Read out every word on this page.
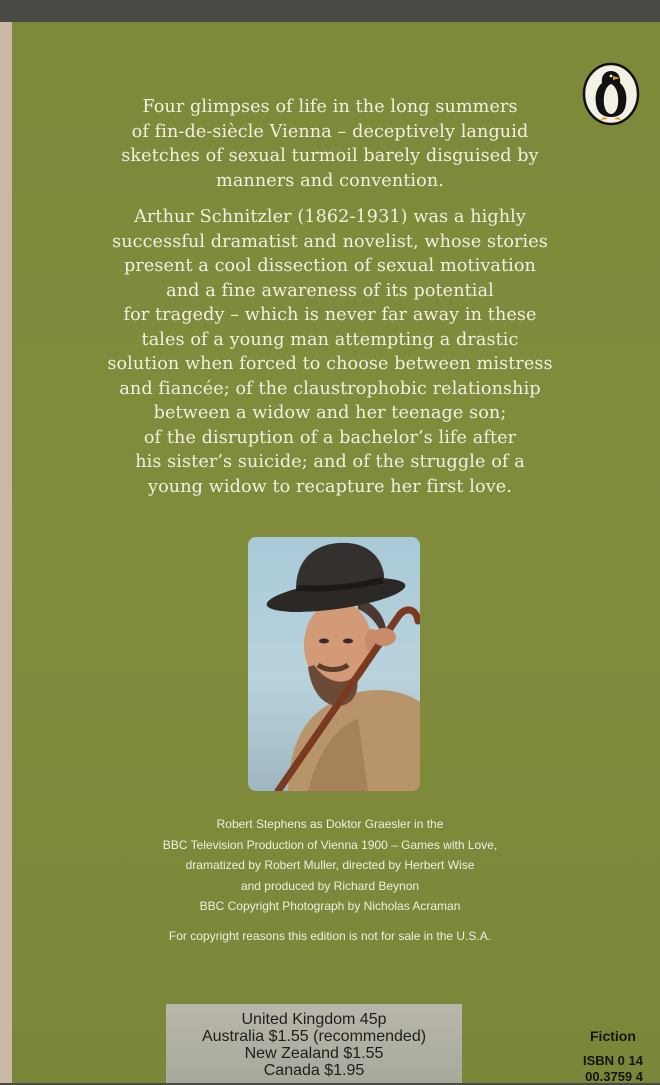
Four glimpses of life in the long summers
of fin-de-siècle Vienna – deceptively languid
sketches of sexual turmoil barely disguised by
manners and convention.
Arthur Schnitzler (1862-1931) was a highly
successful dramatist and novelist, whose stories
present a cool dissection of sexual motivation
and a fine awareness of its potential
for tragedy – which is never far away in these
tales of a young man attempting a drastic
solution when forced to choose between mistress
and fiancée; of the claustrophobic relationship
between a widow and her teenage son;
of the disruption of a bachelor’s life after
his sister’s suicide; and of the struggle of a
young widow to recapture her first love.
Robert Stephens as Doktor Graesler in the
BBC Television Production of Vienna 1900 – Games with Love,
dramatized by Robert Muller, directed by Herbert Wise
and produced by Richard Beynon
BBC Copyright Photograph by Nicholas Acraman
For copyright reasons this edition is not for sale in the U.S.A.
United Kingdom 45p
Australia $1.55 (recommended)
New Zealand $1.55
Canada $1.95
Fiction
ISBN 0 14
00.3759 4
